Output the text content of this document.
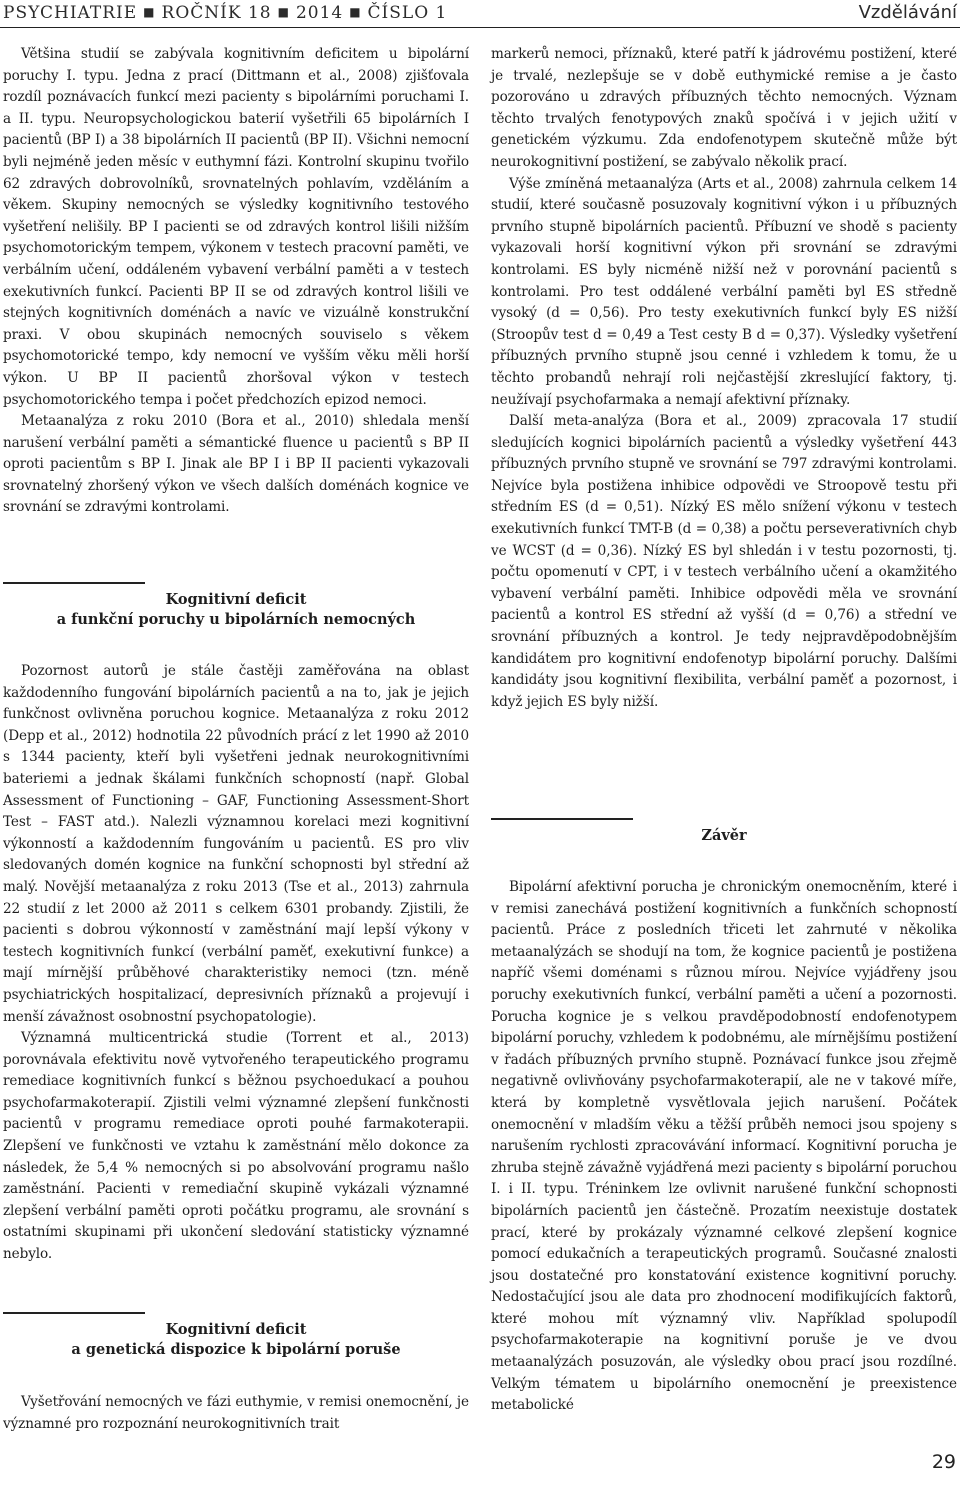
PSYCHIATRIE ■ ROČNÍK 18 ■ 2014 ■ ČÍSLO 1	Vzdělávání

Většina studií se zabývala kognitivním deficitem u bipolární poruchy I. typu. Jedna z prací (Dittmann et al., 2008) zjišťovala rozdíl poznávacích funkcí mezi pacienty s bipolárními poruchami I. a II. typu. Neuropsychologickou baterií vyšetřili 65 bipolárních I pacientů (BP I) a 38 bipolárních II pacientů (BP II). Všichni nemocní byli nejméně jeden měsíc v euthymní fázi. Kontrolní skupinu tvořilo 62 zdravých dobrovolníků, srovnatelných pohlavím, vzděláním a věkem. Skupiny nemocných se výsledky kognitivního testového vyšetření nelišily. BP I pacienti se od zdravých kontrol lišili nižším psychomotorickým tempem, výkonem v testech pracovní paměti, ve verbálním učení, oddáleném vybavení verbální paměti a v testech exekutivních funkcí. Pacienti BP II se od zdravých kontrol lišili ve stejných kognitivních doménách a navíc ve vizuálně konstrukční praxi. V obou skupinách nemocných souviselo s věkem psychomotorické tempo, kdy nemocní ve vyšším věku měli horší výkon. U BP II pacientů zhoršoval výkon v testech psychomotorického tempa i počet předchozích epizod nemoci.

Metaanalýza z roku 2010 (Bora et al., 2010) shledala menší narušení verbální paměti a sémantické fluence u pacientů s BP II oproti pacientům s BP I. Jinak ale BP I i BP II pacienti vykazovali srovnatelný zhoršený výkon ve všech dalších doménách kognice ve srovnání se zdravými kontrolami.

Kognitivní deficit
a funkční poruchy u bipolárních nemocných

Pozornost autorů je stále častěji zaměřována na oblast každodenního fungování bipolárních pacientů a na to, jak je jejich funkčnost ovlivněna poruchou kognice. Metaanalýza z roku 2012 (Depp et al., 2012) hodnotila 22 původních prácí z let 1990 až 2010 s 1344 pacienty, kteří byli vyšetřeni jednak neurokognitivními bateriemi a jednak škálami funkčních schopností (např. Global Assessment of Functioning – GAF, Functioning Assessment-Short Test – FAST atd.). Nalezli významnou korelaci mezi kognitivní výkonností a každodenním fungováním u pacientů. ES pro vliv sledovaných domén kognice na funkční schopnosti byl střední až malý. Novější metaanalýza z roku 2013 (Tse et al., 2013) zahrnula 22 studií z let 2000 až 2011 s celkem 6301 probandy. Zjistili, že pacienti s dobrou výkonností v zaměstnání mají lepší výkony v testech kognitivních funkcí (verbální paměť, exekutivní funkce) a mají mírnější průběhové charakteristiky nemoci (tzn. méně psychiatrických hospitalizací, depresivních příznaků a projevují i menší závažnost osobnostní psychopatologie).

Významná multicentrická studie (Torrent et al., 2013) porovnávala efektivitu nově vytvořeného terapeutického programu remediace kognitivních funkcí s běžnou psychoedukací a pouhou psychofarmakoterapií. Zjistili velmi významné zlepšení funkčnosti pacientů v programu remediace oproti pouhé farmakoterapii. Zlepšení ve funkčnosti ve vztahu k zaměstnání mělo dokonce za následek, že 5,4 % nemocných si po absolvování programu našlo zaměstnání. Pacienti v remediační skupině vykázali významné zlepšení verbální paměti oproti počátku programu, ale srovnání s ostatními skupinami při ukončení sledování statisticky významné nebylo.

Kognitivní deficit
a genetická dispozice k bipolární poruše

Vyšetřování nemocných ve fázi euthymie, v remisi onemocnění, je významné pro rozpoznání neurokognitivních trait

markerů nemoci, příznaků, které patří k jádrovému postižení, které je trvalé, nezlepšuje se v době euthymické remise a je často pozorováno u zdravých příbuzných těchto nemocných. Význam těchto trvalých fenotypových znaků spočívá i v jejich užití v genetickém výzkumu. Zda endofenotypem skutečně může být neurokognitivní postižení, se zabývalo několik prací.

Výše zmíněná metaanalýza (Arts et al., 2008) zahrnula celkem 14 studií, které současně posuzovaly kognitivní výkon i u příbuzných prvního stupně bipolárních pacientů. Příbuzní ve shodě s pacienty vykazovali horší kognitivní výkon při srovnání se zdravými kontrolami. ES byly nicméně nižší než v porovnání pacientů s kontrolami. Pro test oddálené verbální paměti byl ES středně vysoký (d = 0,56). Pro testy exekutivních funkcí byly ES nižší (Stroopův test d = 0,49 a Test cesty B d = 0,37). Výsledky vyšetření příbuzných prvního stupně jsou cenné i vzhledem k tomu, že u těchto probandů nehrají roli nejčastější zkreslující faktory, tj. neužívají psychofarmaka a nemají afektivní příznaky.

Další meta-analýza (Bora et al., 2009) zpracovala 17 studií sledujících kognici bipolárních pacientů a výsledky vyšetření 443 příbuzných prvního stupně ve srovnání se 797 zdravými kontrolami. Nejvíce byla postižena inhibice odpovědi ve Stroopově testu při středním ES (d = 0,51). Nízký ES mělo snížení výkonu v testech exekutivních funkcí TMT-B (d = 0,38) a počtu perseverativních chyb ve WCST (d = 0,36). Nízký ES byl shledán i v testu pozornosti, tj. počtu opomenutí v CPT, i v testech verbálního učení a okamžitého vybavení verbální paměti. Inhibice odpovědi měla ve srovnání pacientů a kontrol ES střední až vyšší (d = 0,76) a střední ve srovnání příbuzných a kontrol. Je tedy nejpravděpodobnějším kandidátem pro kognitivní endofenotyp bipolární poruchy. Dalšími kandidáty jsou kognitivní flexibilita, verbální paměť a pozornost, i když jejich ES byly nižší.

Závěr

Bipolární afektivní porucha je chronickým onemocněním, které i v remisi zanechává postižení kognitivních a funkčních schopností pacientů. Práce z posledních třiceti let zahrnuté v několika metaanalýzách se shodují na tom, že kognice pacientů je postižena napříč všemi doménami s různou mírou. Nejvíce vyjádřeny jsou poruchy exekutivních funkcí, verbální paměti a učení a pozornosti. Porucha kognice je s velkou pravděpodobností endofenotypem bipolární poruchy, vzhledem k podobnému, ale mírnějšímu postižení v řadách příbuzných prvního stupně. Poznávací funkce jsou zřejmě negativně ovlivňovány psychofarmakoterapií, ale ne v takové míře, která by kompletně vysvětlovala jejich narušení. Počátek onemocnění v mladším věku a těžší průběh nemoci jsou spojeny s narušením rychlosti zpracovávání informací. Kognitivní porucha je zhruba stejně závažně vyjádřená mezi pacienty s bipolární poruchou I. i II. typu. Tréninkem lze ovlivnit narušené funkční schopnosti bipolárních pacientů jen částečně. Prozatím neexistuje dostatek prací, které by prokázaly významné celkové zlepšení kognice pomocí edukačních a terapeutických programů. Současné znalosti jsou dostatečné pro konstatování existence kognitivní poruchy. Nedostačující jsou ale data pro zhodnocení modifikujících faktorů, které mohou mít významný vliv. Například spolupodíl psychofarmakoterapie na kognitivní poruše je ve dvou metaanalýzách posuzován, ale výsledky obou prací jsou rozdílné. Velkým tématem u bipolárního onemocnění je preexistence metabolické

29
